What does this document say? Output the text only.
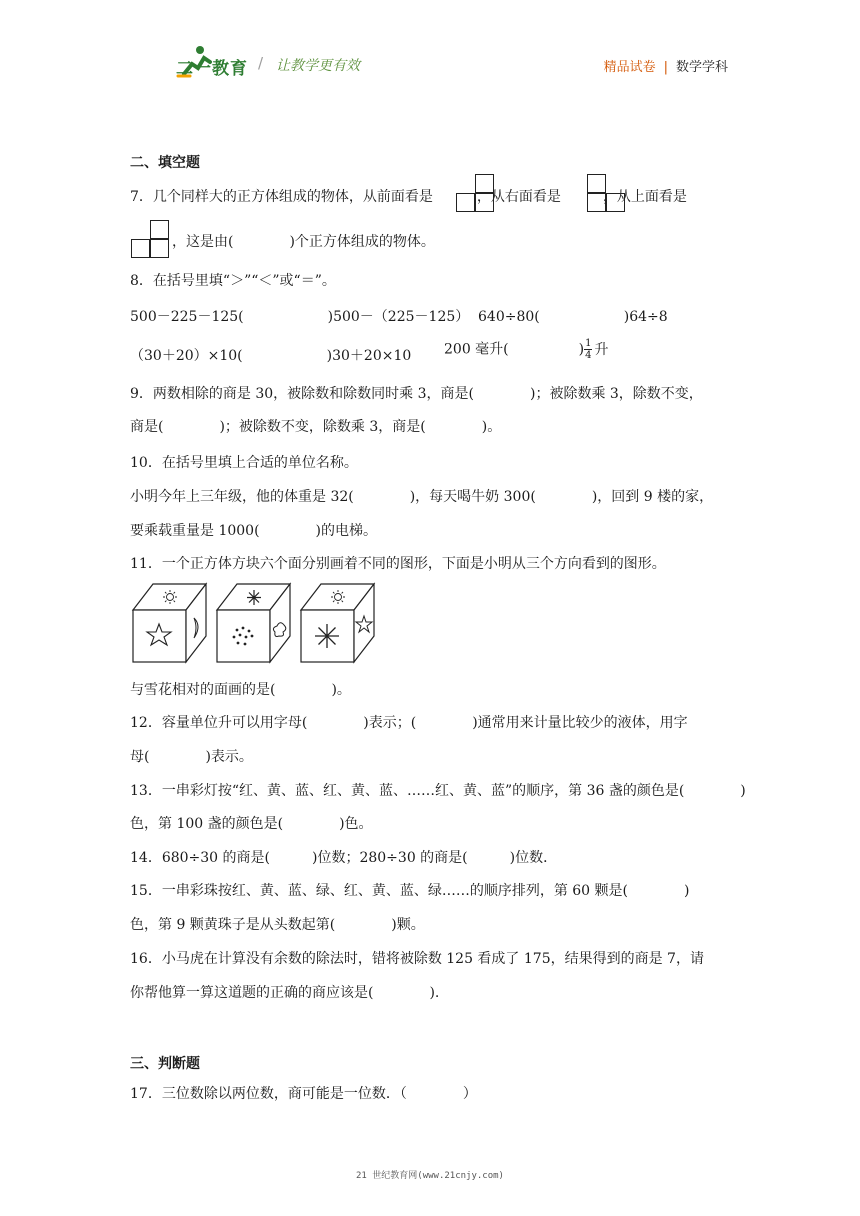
二一教育 / 让教学更有效	精品试卷 | 数学学科
二、填空题
7．几个同样大的正方体组成的物体，从前面看是	，从右面看是	，从上面看是
，这是由(　　　　)个正方体组成的物体。
8．在括号里填“＞”“＜”或“＝”。
500－225－125(　　　　　　)500－（225－125） 640÷80(　　　　　　)64÷8
（30＋20）×10(　　　　　　)30＋20×10 200 毫升(　　　　　) $\frac{1}{4}$ 升
9．两数相除的商是 30，被除数和除数同时乘 3，商是(　　　　)；被除数乘 3，除数不变，
商是(　　　　)；被除数不变，除数乘 3，商是(　　　　)。
10．在括号里填上合适的单位名称。
小明今年上三年级，他的体重是 32(　　　　)，每天喝牛奶 300(　　　　)，回到 9 楼的家，
要乘载重量是 1000(　　　　)的电梯。
11．一个正方体方块六个面分别画着不同的图形，下面是小明从三个方向看到的图形。
与雪花相对的面画的是(　　　　)。
12．容量单位升可以用字母(　　　　)表示；(　　　　)通常用来计量比较少的液体，用字
母(　　　　)表示。
13．一串彩灯按“红、黄、蓝、红、黄、蓝、……红、黄、蓝”的顺序，第 36 盏的颜色是(　　　　)
色，第 100 盏的颜色是(　　　　)色。
14．680÷30 的商是(　　　)位数；280÷30 的商是(　　　)位数．
15．一串彩珠按红、黄、蓝、绿、红、黄、蓝、绿……的顺序排列，第 60 颗是(　　　　)
色，第 9 颗黄珠子是从头数起第(　　　　)颗。
16．小马虎在计算没有余数的除法时，错将被除数 125 看成了 175，结果得到的商是 7，请
你帮他算一算这道题的正确的商应该是(　　　　).
三、判断题
17．三位数除以两位数，商可能是一位数．（　　　　）
21 世纪教育网(www.21cnjy.com)
